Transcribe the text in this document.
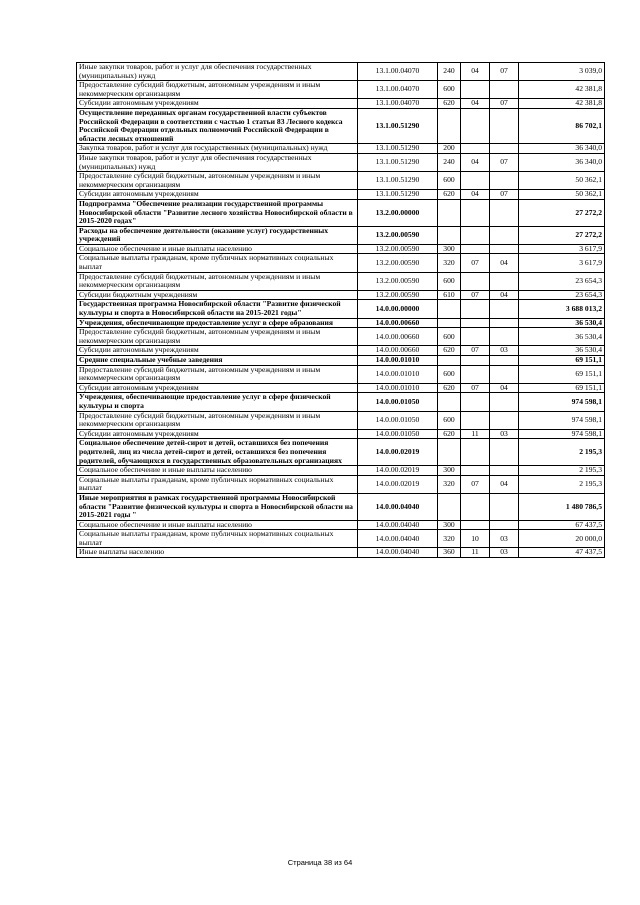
Иные закупки товаров, работ и услуг для обеспечения государственных (муниципальных) нужд	13.1.00.04070	240	04	07	3 039,0
Предоставление субсидий бюджетным, автономным учреждениям и иным некоммерческим организациям	13.1.00.04070	600			42 381,8
Субсидии автономным учреждениям	13.1.00.04070	620	04	07	42 381,8
Осуществление переданных органам государственной власти субъектов Российской Федерации в соответствии с частью 1 статьи 83 Лесного кодекса Российской Федерации отдельных полномочий Российской Федерации в области лесных отношений	13.1.00.51290				86 702,1
Закупка товаров, работ и услуг для государственных (муниципальных) нужд	13.1.00.51290	200			36 340,0
Иные закупки товаров, работ и услуг для обеспечения государственных (муниципальных) нужд	13.1.00.51290	240	04	07	36 340,0
Предоставление субсидий бюджетным, автономным учреждениям и иным некоммерческим организациям	13.1.00.51290	600			50 362,1
Субсидии автономным учреждениям	13.1.00.51290	620	04	07	50 362,1
Подпрограмма "Обеспечение реализации государственной программы Новосибирской области "Развитие лесного хозяйства Новосибирской области в 2015-2020 годах"	13.2.00.00000				27 272,2
Расходы на обеспечение деятельности (оказание услуг) государственных учреждений	13.2.00.00590				27 272,2
Социальное обеспечение и иные выплаты населению	13.2.00.00590	300			3 617,9
Социальные выплаты гражданам, кроме публичных нормативных социальных выплат	13.2.00.00590	320	07	04	3 617,9
Предоставление субсидий бюджетным, автономным учреждениям и иным некоммерческим организациям	13.2.00.00590	600			23 654,3
Субсидии бюджетным учреждениям	13.2.00.00590	610	07	04	23 654,3
Государственная программа Новосибирской области "Развитие физической культуры и спорта в Новосибирской области на 2015-2021 годы"	14.0.00.00000				3 688 013,2
Учреждения, обеспечивающие предоставление услуг в сфере образования	14.0.00.00660				36 530,4
Предоставление субсидий бюджетным, автономным учреждениям и иным некоммерческим организациям	14.0.00.00660	600			36 530,4
Субсидии автономным учреждениям	14.0.00.00660	620	07	03	36 530,4
Средние специальные учебные заведения	14.0.00.01010				69 151,1
Предоставление субсидий бюджетным, автономным учреждениям и иным некоммерческим организациям	14.0.00.01010	600			69 151,1
Субсидии автономным учреждениям	14.0.00.01010	620	07	04	69 151,1
Учреждения, обеспечивающие предоставление услуг в сфере физической культуры и спорта	14.0.00.01050				974 598,1
Предоставление субсидий бюджетным, автономным учреждениям и иным некоммерческим организациям	14.0.00.01050	600			974 598,1
Субсидии автономным учреждениям	14.0.00.01050	620	11	03	974 598,1
Социальное обеспечение детей-сирот и детей, оставшихся без попечения родителей, лиц из числа детей-сирот и детей, оставшихся без попечения родителей, обучающихся в государственных образовательных организациях	14.0.00.02019				2 195,3
Социальное обеспечение и иные выплаты населению	14.0.00.02019	300			2 195,3
Социальные выплаты гражданам, кроме публичных нормативных социальных выплат	14.0.00.02019	320	07	04	2 195,3
Иные мероприятия в рамках государственной программы Новосибирской области "Развитие физической культуры и спорта в Новосибирской области на 2015-2021 годы "	14.0.00.04040				1 480 786,5
Социальное обеспечение и иные выплаты населению	14.0.00.04040	300			67 437,5
Социальные выплаты гражданам, кроме публичных нормативных социальных выплат	14.0.00.04040	320	10	03	20 000,0
Иные выплаты населению	14.0.00.04040	360	11	03	47 437,5
Страница 38 из 64
